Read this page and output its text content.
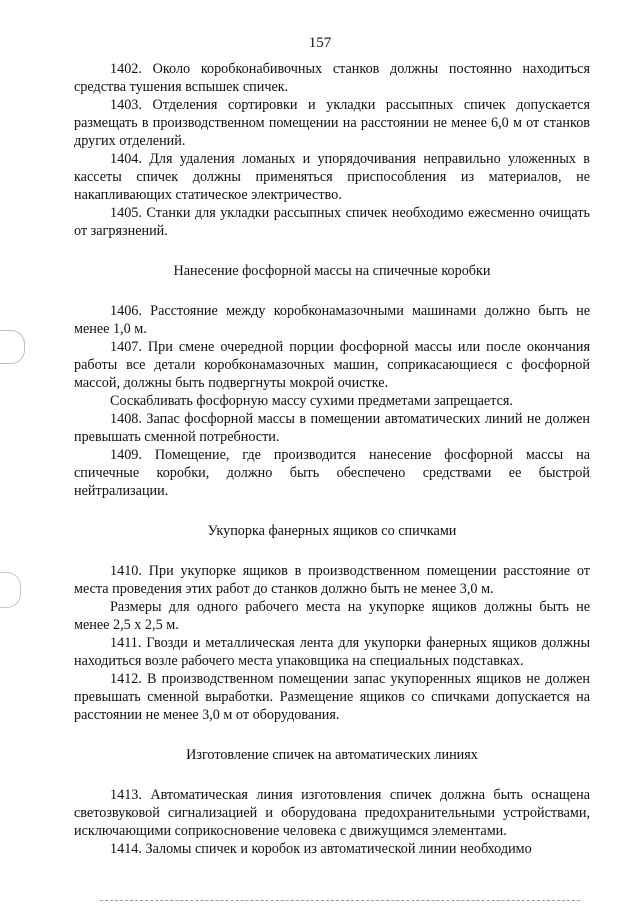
157

1402. Около коробконабивочных станков должны постоянно находиться средства тушения вспышек спичек.

1403. Отделения сортировки и укладки рассыпных спичек допускается размещать в производственном помещении на расстоянии не менее 6,0 м от станков других отделений.

1404. Для удаления ломаных и упорядочивания неправильно уложенных в кассеты спичек должны применяться приспособления из материалов, не накапливающих статическое электричество.

1405. Станки для укладки рассыпных спичек необходимо ежесменно очищать от загрязнений.

Нанесение фосфорной массы на спичечные коробки

1406. Расстояние между коробконамазочными машинами должно быть не менее 1,0 м.

1407. При смене очередной порции фосфорной массы или после окончания работы все детали коробконамазочных машин, соприкасающиеся с фосфорной массой, должны быть подвергнуты мокрой очистке.

Соскабливать фосфорную массу сухими предметами запрещается.

1408. Запас фосфорной массы в помещении автоматических линий не должен превышать сменной потребности.

1409. Помещение, где производится нанесение фосфорной массы на спичечные коробки, должно быть обеспечено средствами ее быстрой нейтрализации.

Укупорка фанерных ящиков со спичками

1410. При укупорке ящиков в производственном помещении расстояние от места проведения этих работ до станков должно быть не менее 3,0 м.

Размеры для одного рабочего места на укупорке ящиков должны быть не менее 2,5 х 2,5 м.

1411. Гвозди и металлическая лента для укупорки фанерных ящиков должны находиться возле рабочего места упаковщика на специальных подставках.

1412. В производственном помещении запас укупоренных ящиков не должен превышать сменной выработки. Размещение ящиков со спичками допускается на расстоянии не менее 3,0 м от оборудования.

Изготовление спичек на автоматических линиях

1413. Автоматическая линия изготовления спичек должна быть оснащена светозвуковой сигнализацией и оборудована предохранительными устройствами, исключающими соприкосновение человека с движущимся элементами.

1414. Заломы спичек и коробок из автоматической линии необходимо
